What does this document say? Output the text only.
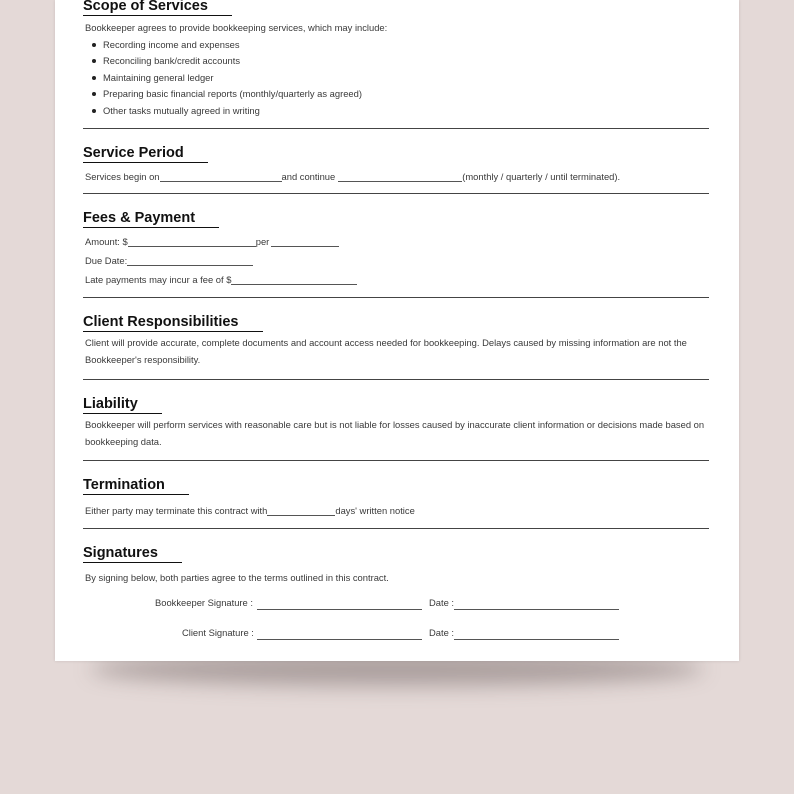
Scope of Services
Bookkeeper agrees to provide bookkeeping services, which may include:
Recording income and expenses
Reconciling bank/credit accounts
Maintaining general ledger
Preparing basic financial reports (monthly/quarterly as agreed)
Other tasks mutually agreed in writing
Service Period
Services begin on	and continue	(monthly / quarterly / until terminated).
Fees & Payment
Amount: $	per
Due Date:
Late payments may incur a fee of $
Client Responsibilities
Client will provide accurate, complete documents and account access needed for bookkeeping. Delays caused by missing information are not the Bookkeeper's responsibility.
Liability
Bookkeeper will perform services with reasonable care but is not liable for losses caused by inaccurate client information or decisions made based on bookkeeping data.
Termination
Either party may terminate this contract with	days' written notice
Signatures
By signing below, both parties agree to the terms outlined in this contract.
Bookkeeper Signature :	Date :
Client Signature :	Date :
